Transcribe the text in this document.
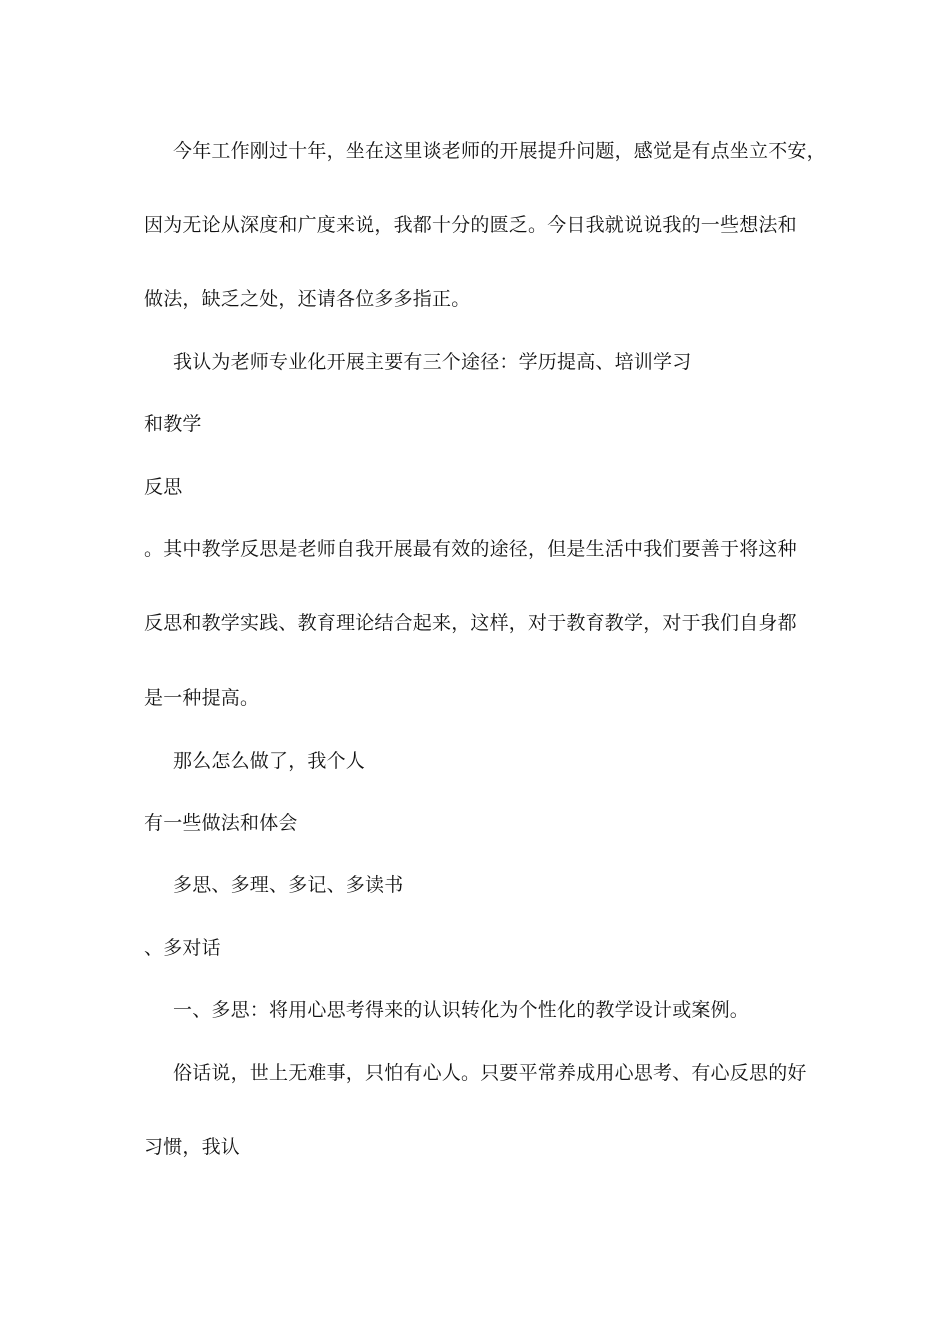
今年工作刚过十年，坐在这里谈老师的开展提升问题，感觉是有点坐立不安，
因为无论从深度和广度来说，我都十分的匮乏。今日我就说说我的一些想法和
做法，缺乏之处，还请各位多多指正。
我认为老师专业化开展主要有三个途径：学历提高、培训学习
和教学
反思
。其中教学反思是老师自我开展最有效的途径，但是生活中我们要善于将这种
反思和教学实践、教育理论结合起来，这样，对于教育教学，对于我们自身都
是一种提高。
那么怎么做了，我个人
有一些做法和体会
多思、多理、多记、多读书
、多对话
一、多思：将用心思考得来的认识转化为个性化的教学设计或案例。
俗话说，世上无难事，只怕有心人。只要平常养成用心思考、有心反思的好
习惯，我认
